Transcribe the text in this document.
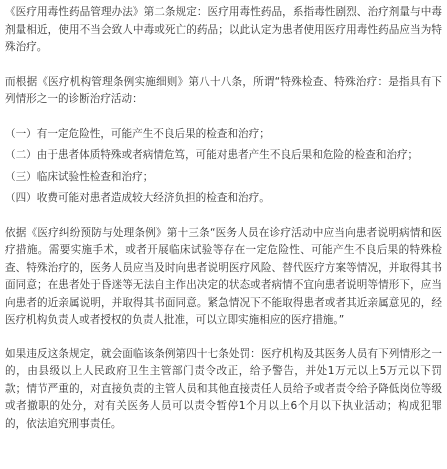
《医疗用毒性药品管理办法》第二条规定：医疗用毒性药品，系指毒性剧烈、治疗剂量与中毒剂量相近，使用不当会致人中毒或死亡的药品；以此认定为患者使用医疗用毒性药品应当为特殊治疗。

而根据《医疗机构管理条例实施细则》第八十八条，所谓“特殊检查、特殊治疗：是指具有下列情形之一的诊断治疗活动：

（一）有一定危险性，可能产生不良后果的检查和治疗；
（二）由于患者体质特殊或者病情危笃，可能对患者产生不良后果和危险的检查和治疗；
（三）临床试验性检查和治疗；
（四）收费可能对患者造成较大经济负担的检查和治疗。

依据《医疗纠纷预防与处理条例》第十三条“医务人员在诊疗活动中应当向患者说明病情和医疗措施。需要实施手术，或者开展临床试验等存在一定危险性、可能产生不良后果的特殊检查、特殊治疗的，医务人员应当及时向患者说明医疗风险、替代医疗方案等情况，并取得其书面同意；在患者处于昏迷等无法自主作出决定的状态或者病情不宜向患者说明等情形下，应当向患者的近亲属说明，并取得其书面同意。紧急情况下不能取得患者或者其近亲属意见的，经医疗机构负责人或者授权的负责人批准，可以立即实施相应的医疗措施。”

如果违反这条规定，就会面临该条例第四十七条处罚：医疗机构及其医务人员有下列情形之一的，由县级以上人民政府卫生主管部门责令改正，给予警告，并处1万元以上5万元以下罚款；情节严重的，对直接负责的主管人员和其他直接责任人员给予或者责令给予降低岗位等级或者撤职的处分，对有关医务人员可以责令暂停1个月以上6个月以下执业活动；构成犯罪的，依法追究刑事责任。
